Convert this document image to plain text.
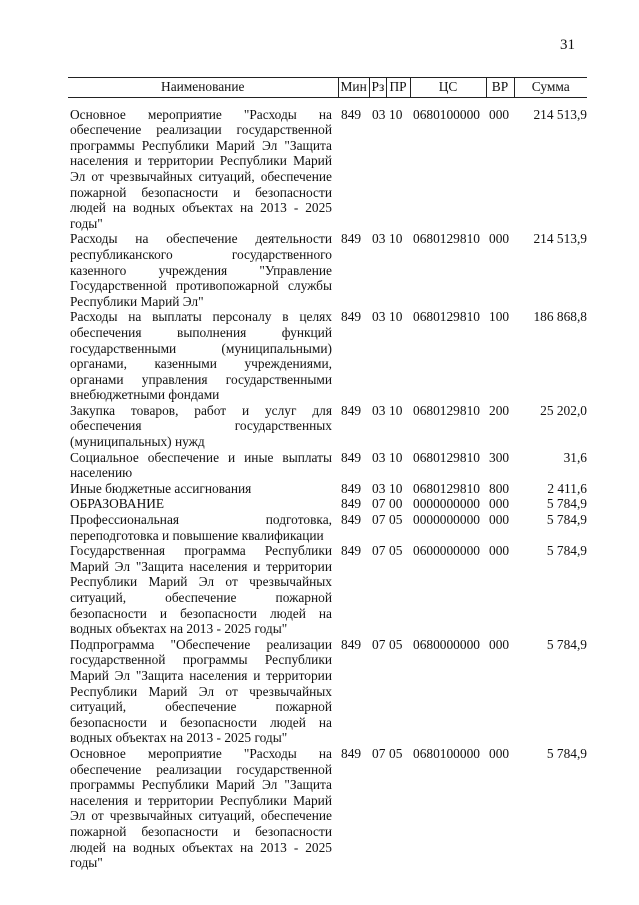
31
Наименование	Мин	Рз	ПР	ЦС	ВР	Сумма
Основное мероприятие "Расходы на обеспечение реализации государственной программы Республики Марий Эл "Защита населения и территории Республики Марий Эл от чрезвычайных ситуаций, обеспечение пожарной безопасности и безопасности людей на водных объектах на 2013 - 2025 годы"	849	03	10	0680100000	000	214 513,9
Расходы на обеспечение деятельности республиканского государственного казенного учреждения "Управление Государственной противопожарной службы Республики Марий Эл"	849	03	10	0680129810	000	214 513,9
Расходы на выплаты персоналу в целях обеспечения выполнения функций государственными (муниципальными) органами, казенными учреждениями, органами управления государственными внебюджетными фондами	849	03	10	0680129810	100	186 868,8
Закупка товаров, работ и услуг для обеспечения государственных (муниципальных) нужд	849	03	10	0680129810	200	25 202,0
Социальное обеспечение и иные выплаты населению	849	03	10	0680129810	300	31,6
Иные бюджетные ассигнования	849	03	10	0680129810	800	2 411,6
ОБРАЗОВАНИЕ	849	07	00	0000000000	000	5 784,9
Профессиональная подготовка, переподготовка и повышение квалификации	849	07	05	0000000000	000	5 784,9
Государственная программа Республики Марий Эл "Защита населения и территории Республики Марий Эл от чрезвычайных ситуаций, обеспечение пожарной безопасности и безопасности людей на водных объектах на 2013 - 2025 годы"	849	07	05	0600000000	000	5 784,9
Подпрограмма "Обеспечение реализации государственной программы Республики Марий Эл "Защита населения и территории Республики Марий Эл от чрезвычайных ситуаций, обеспечение пожарной безопасности и безопасности людей на водных объектах на 2013 - 2025 годы"	849	07	05	0680000000	000	5 784,9
Основное мероприятие "Расходы на обеспечение реализации государственной программы Республики Марий Эл "Защита населения и территории Республики Марий Эл от чрезвычайных ситуаций, обеспечение пожарной безопасности и безопасности людей на водных объектах на 2013 - 2025 годы"	849	07	05	0680100000	000	5 784,9
